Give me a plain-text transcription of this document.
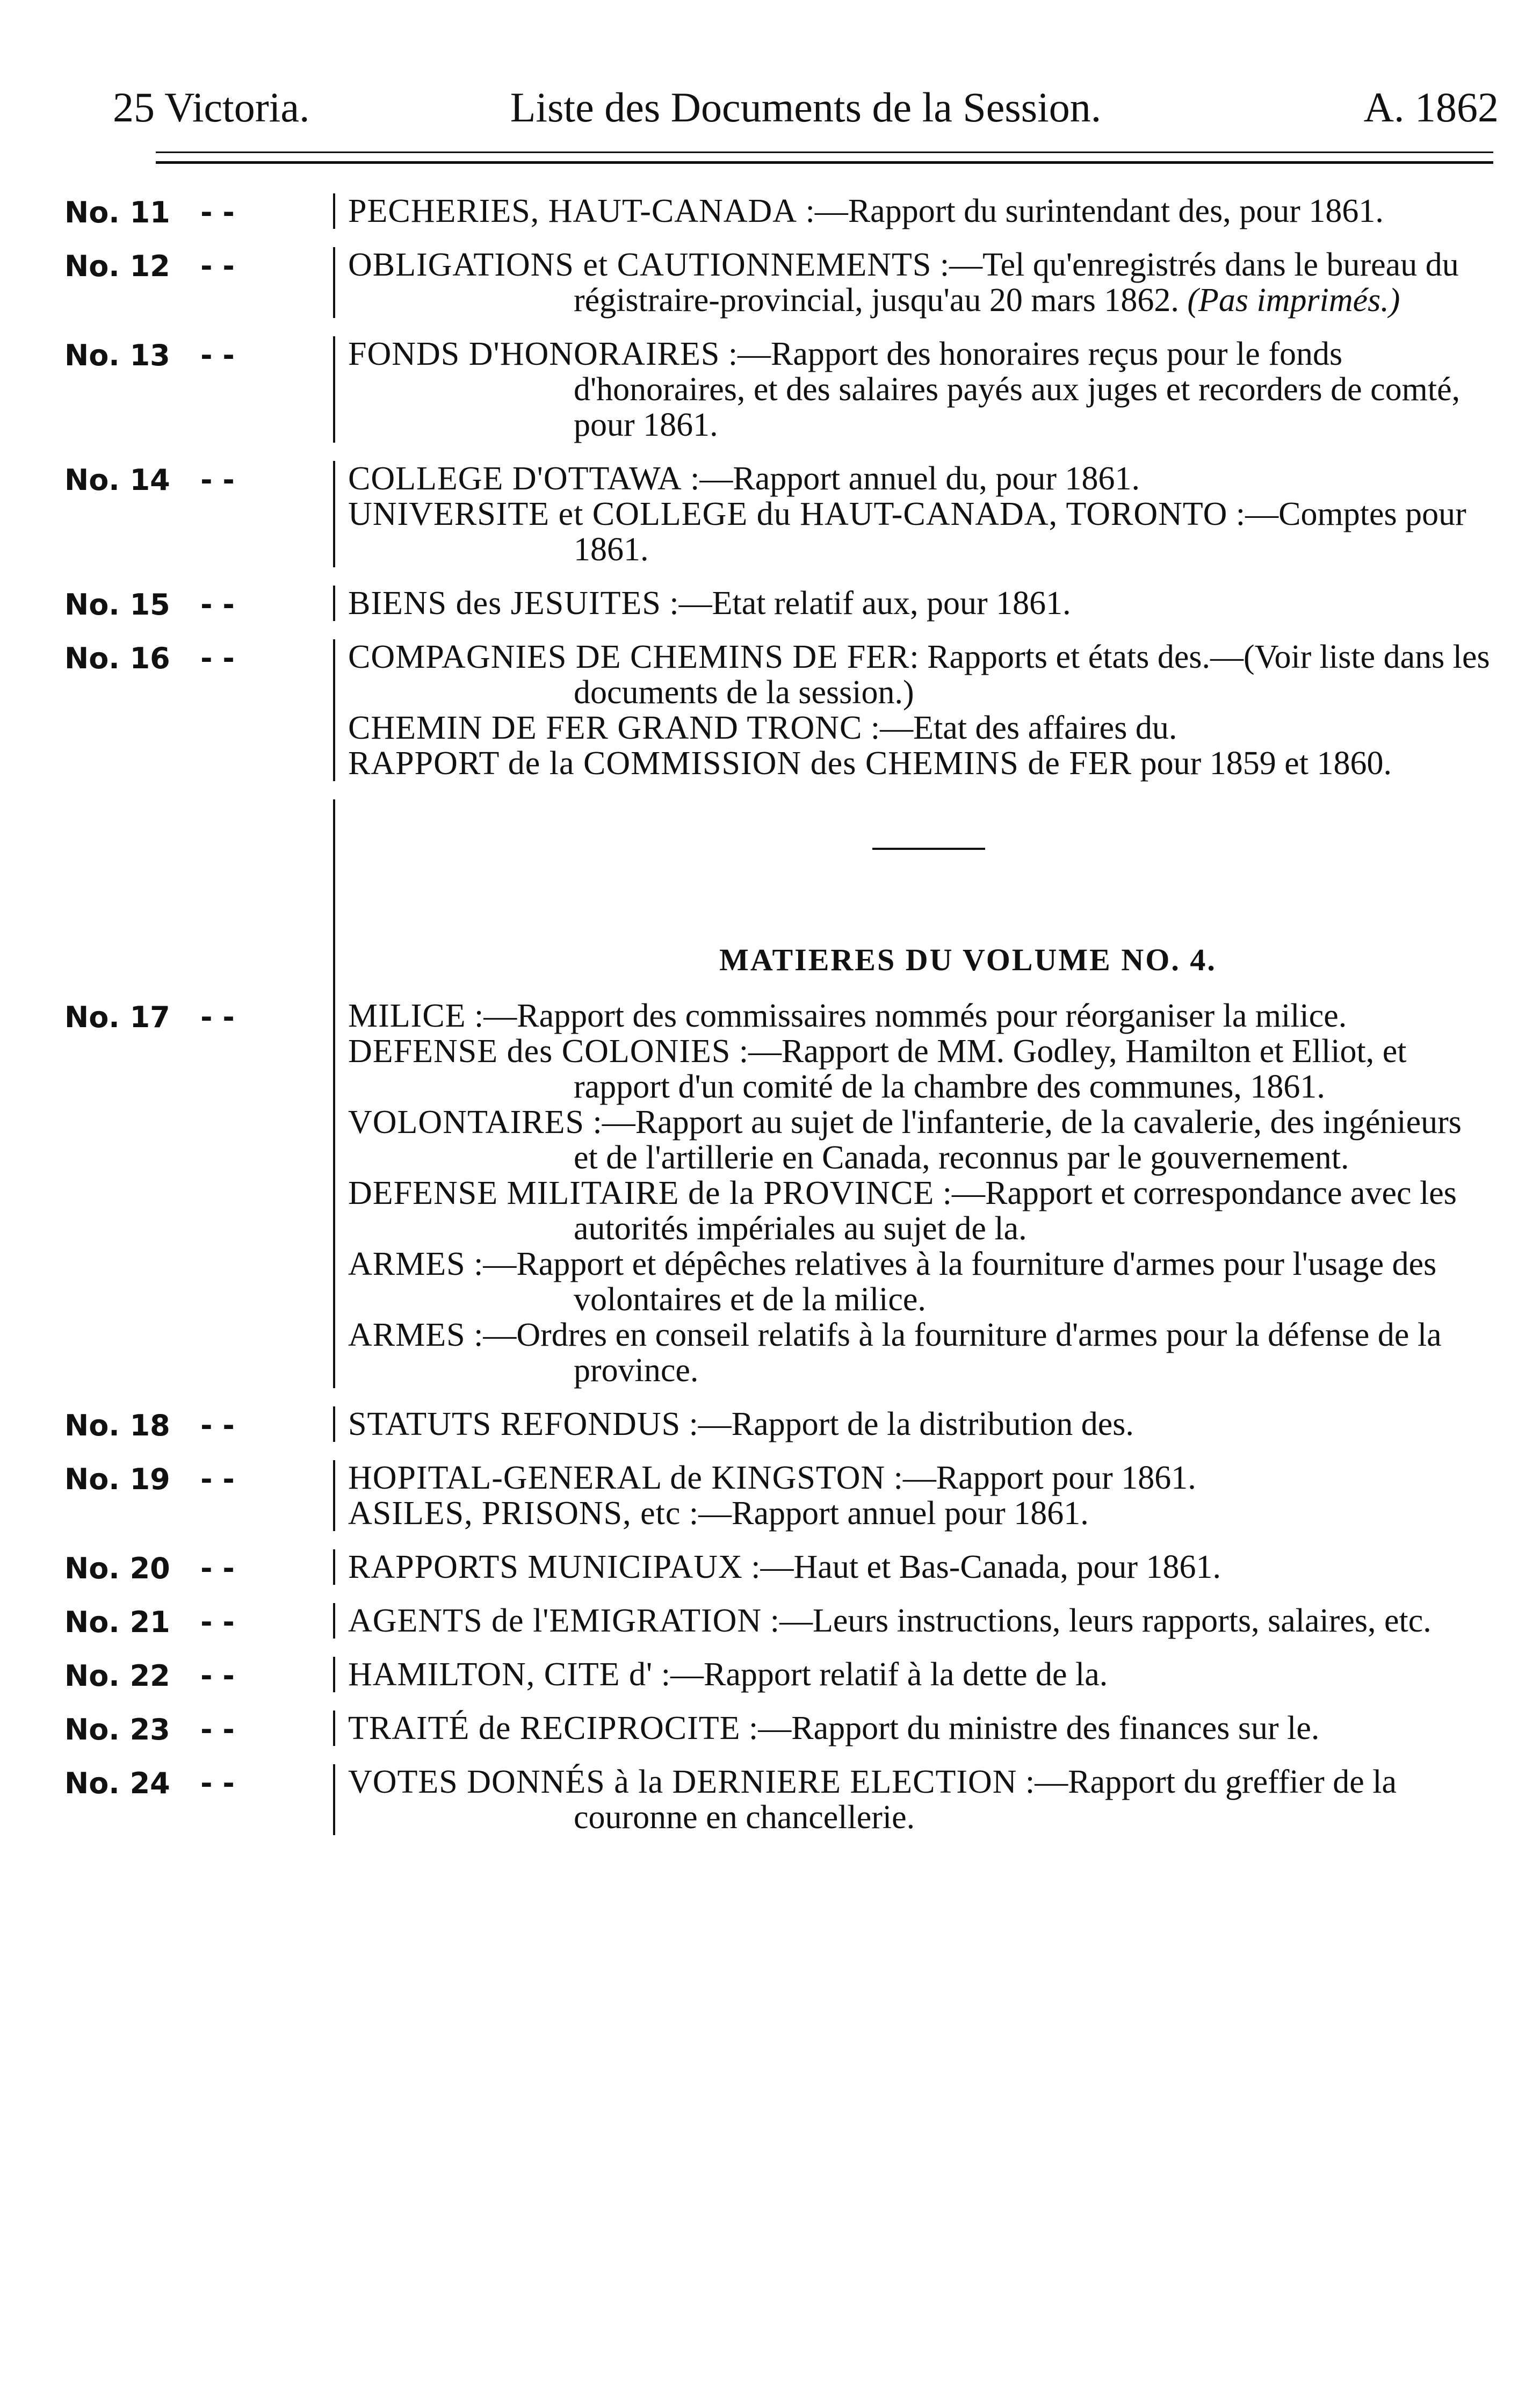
25 Victoria.	Liste des Documents de la Session.	A. 1862
No. 11 - -	PECHERIES, HAUT-CANADA :—Rapport du surintendant des, pour 1861.
No. 12 - -	OBLIGATIONS et CAUTIONNEMENTS :—Tel qu'enregistrés dans le bureau du régistraire-provincial, jusqu'au 20 mars 1862. (Pas imprimés.)
No. 13 - -	FONDS D'HONORAIRES :—Rapport des honoraires reçus pour le fonds d'honoraires, et des salaires payés aux juges et recorders de comté, pour 1861.
No. 14 - -	COLLEGE D'OTTAWA :—Rapport annuel du, pour 1861.
UNIVERSITE et COLLEGE du HAUT-CANADA, TORONTO :—Comptes pour 1861.
No. 15 - -	BIENS des JESUITES :—Etat relatif aux, pour 1861.
No. 16 - -	COMPAGNIES DE CHEMINS DE FER: Rapports et états des.—(Voir liste dans les documents de la session.)
CHEMIN DE FER GRAND TRONC :—Etat des affaires du.
RAPPORT de la COMMISSION des CHEMINS de FER pour 1859 et 1860.
MATIERES DU VOLUME NO. 4.
No. 17 - -	MILICE :—Rapport des commissaires nommés pour réorganiser la milice.
DEFENSE des COLONIES :—Rapport de MM. Godley, Hamilton et Elliot, et rapport d'un comité de la chambre des communes, 1861.
VOLONTAIRES :—Rapport au sujet de l'infanterie, de la cavalerie, des ingénieurs et de l'artillerie en Canada, reconnus par le gouvernement.
DEFENSE MILITAIRE de la PROVINCE :—Rapport et correspondance avec les autorités impériales au sujet de la.
ARMES :—Rapport et dépêches relatives à la fourniture d'armes pour l'usage des volontaires et de la milice.
ARMES :—Ordres en conseil relatifs à la fourniture d'armes pour la défense de la province.
No. 18 - -	STATUTS REFONDUS :—Rapport de la distribution des.
No. 19 - -	HOPITAL-GENERAL de KINGSTON :—Rapport pour 1861.
ASILES, PRISONS, etc :—Rapport annuel pour 1861.
No. 20 - -	RAPPORTS MUNICIPAUX :—Haut et Bas-Canada, pour 1861.
No. 21 - -	AGENTS de l'EMIGRATION :—Leurs instructions, leurs rapports, salaires, etc.
No. 22 - -	HAMILTON, CITE d' :—Rapport relatif à la dette de la.
No. 23 - -	TRAITÉ de RECIPROCITE :—Rapport du ministre des finances sur le.
No. 24 - -	VOTES DONNÉS à la DERNIERE ELECTION :—Rapport du greffier de la couronne en chancellerie.
